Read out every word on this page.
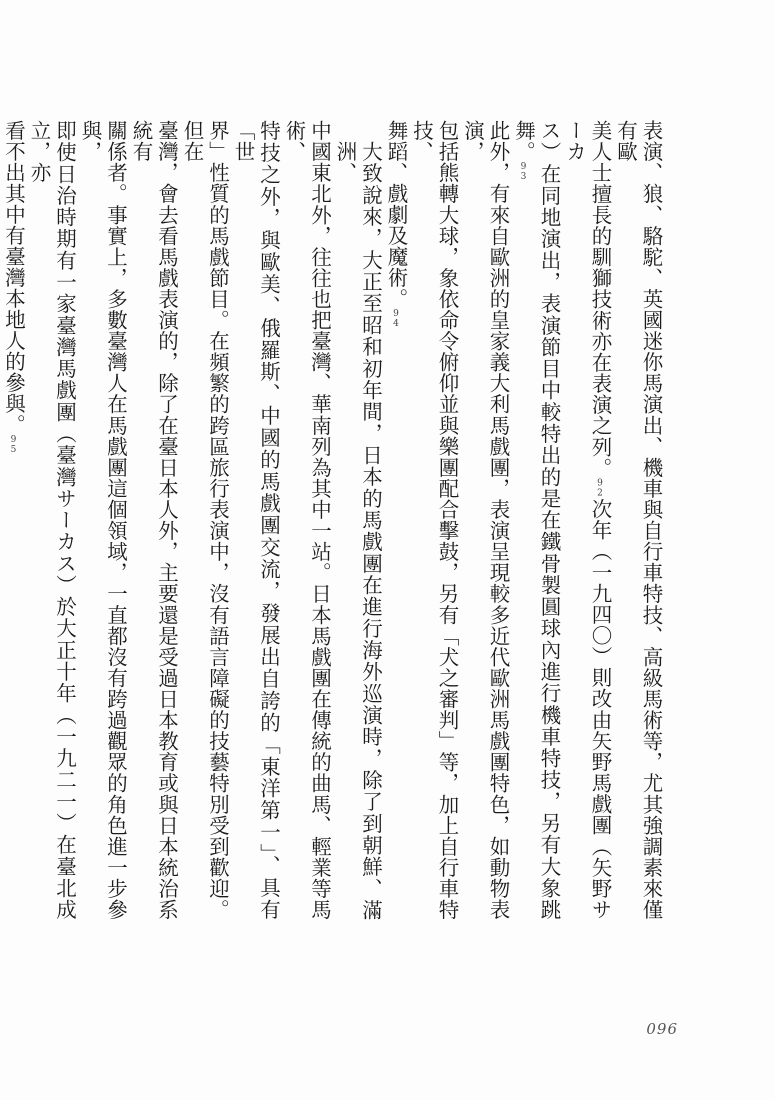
表演、狼、駱駝、英國迷你馬演出、機車與自行車特技、高級馬術等，尤其強調素來僅有歐
美人士擅長的馴獅技術亦在表演之列。92次年（一九四〇）則改由矢野馬戲團（矢野サーカ
ス）在同地演出，表演節目中較特出的是在鐵骨製圓球內進行機車特技，另有大象跳舞。93
此外，有來自歐洲的皇家義大利馬戲團，表演呈現較多近代歐洲馬戲團特色，如動物表演，
包括熊轉大球，象依命令俯仰並與樂團配合擊鼓，另有「犬之審判」等，加上自行車特技、
舞蹈、戲劇及魔術。94
大致說來，大正至昭和初年間，日本的馬戲團在進行海外巡演時，除了到朝鮮、滿洲、
中國東北外，往往也把臺灣、華南列為其中一站。日本馬戲團在傳統的曲馬、輕業等馬術、
特技之外，與歐美、俄羅斯、中國的馬戲團交流，發展出自誇的「東洋第一」、具有「世
界」性質的馬戲節目。在頻繁的跨區旅行表演中，沒有語言障礙的技藝特別受到歡迎。但在
臺灣，會去看馬戲表演的，除了在臺日本人外，主要還是受過日本教育或與日本統治系統有
關係者。事實上，多數臺灣人在馬戲團這個領域，一直都沒有跨過觀眾的角色進一步參與，
即使日治時期有一家臺灣馬戲團（臺灣サーカス）於大正十年（一九二一）在臺北成立，亦
看不出其中有臺灣本地人的參與。95
096
